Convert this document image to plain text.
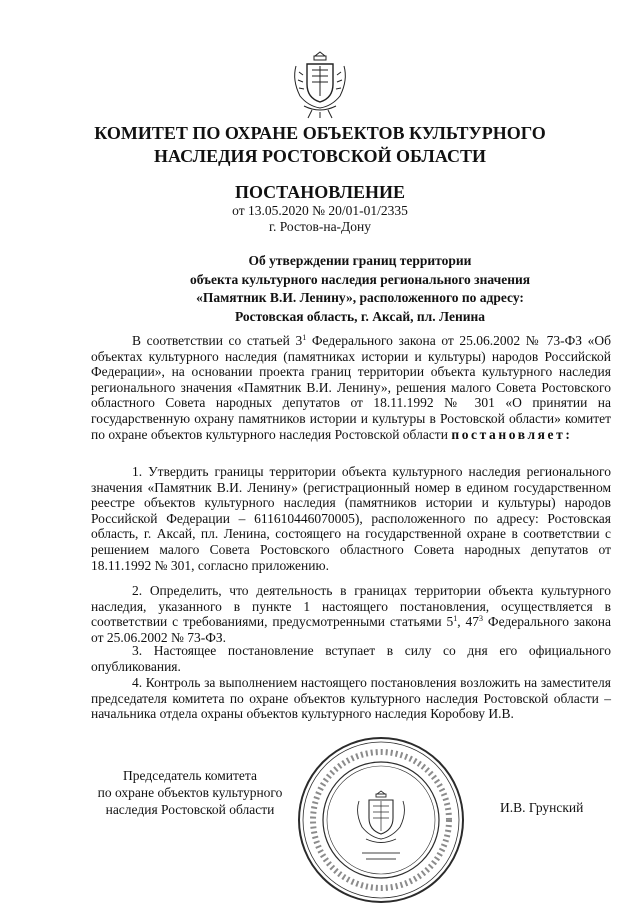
КОМИТЕТ ПО ОХРАНЕ ОБЪЕКТОВ КУЛЬТУРНОГО
НАСЛЕДИЯ РОСТОВСКОЙ ОБЛАСТИ
ПОСТАНОВЛЕНИЕ
от 13.05.2020 № 20/01-01/2335
г. Ростов-на-Дону
Об утверждении границ территории
объекта культурного наследия регионального значения
«Памятник В.И. Ленину», расположенного по адресу:
Ростовская область, г. Аксай, пл. Ленина
В соответствии со статьей $3^1$ Федерального закона от 25.06.2002 № 73-ФЗ «Об объектах культурного наследия (памятниках истории и культуры) народов Российской Федерации», на основании проекта границ территории объекта культурного наследия регионального значения «Памятник В.И. Ленину», решения малого Совета Ростовского областного Совета народных депутатов от 18.11.1992 № 301 «О принятии на государственную охрану памятников истории и культуры в Ростовской области» комитет по охране объектов культурного наследия Ростовской области постановляет:
1. Утвердить границы территории объекта культурного наследия регионального значения «Памятник В.И. Ленину» (регистрационный номер в едином государственном реестре объектов культурного наследия (памятников истории и культуры) народов Российской Федерации – 611610446070005), расположенного по адресу: Ростовская область, г. Аксай, пл. Ленина, состоящего на государственной охране в соответствии с решением малого Совета Ростовского областного Совета народных депутатов от 18.11.1992 № 301, согласно приложению.
2. Определить, что деятельность в границах территории объекта культурного наследия, указанного в пункте 1 настоящего постановления, осуществляется в соответствии с требованиями, предусмотренными статьями $5^1$, $47^3$ Федерального закона от 25.06.2002 № 73-ФЗ.
3. Настоящее постановление вступает в силу со дня его официального опубликования.
4. Контроль за выполнением настоящего постановления возложить на заместителя председателя комитета по охране объектов культурного наследия Ростовской области – начальника отдела охраны объектов культурного наследия Коробову И.В.
Председатель комитета
по охране объектов культурного
наследия Ростовской области	И.В. Грунский
